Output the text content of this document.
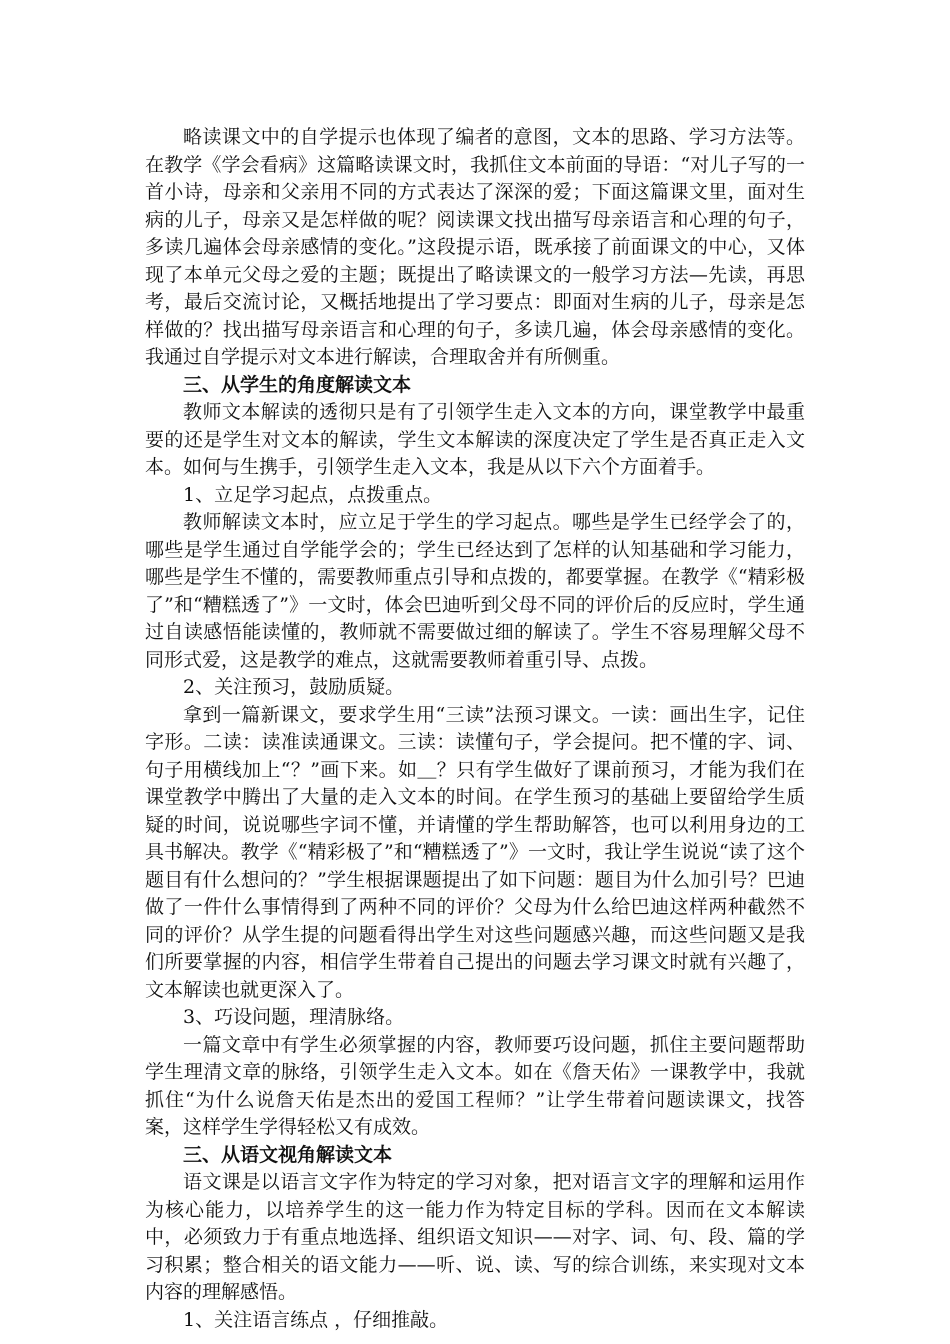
略读课文中的自学提示也体现了编者的意图，文本的思路、学习方法等。在教学《学会看病》这篇略读课文时，我抓住文本前面的导语：“对儿子写的一首小诗，母亲和父亲用不同的方式表达了深深的爱；下面这篇课文里，面对生病的儿子，母亲又是怎样做的呢？阅读课文找出描写母亲语言和心理的句子，多读几遍体会母亲感情的变化。”这段提示语，既承接了前面课文的中心，又体现了本单元父母之爱的主题；既提出了略读课文的一般学习方法—先读，再思考，最后交流讨论，又概括地提出了学习要点：即面对生病的儿子，母亲是怎样做的？找出描写母亲语言和心理的句子，多读几遍，体会母亲感情的变化。我通过自学提示对文本进行解读，合理取舍并有所侧重。

三、从学生的角度解读文本

教师文本解读的透彻只是有了引领学生走入文本的方向，课堂教学中最重要的还是学生对文本的解读，学生文本解读的深度决定了学生是否真正走入文本。如何与生携手，引领学生走入文本，我是从以下六个方面着手。

1、立足学习起点，点拨重点。

教师解读文本时，应立足于学生的学习起点。哪些是学生已经学会了的，哪些是学生通过自学能学会的；学生已经达到了怎样的认知基础和学习能力，哪些是学生不懂的，需要教师重点引导和点拨的，都要掌握。在教学《“精彩极了”和“糟糕透了”》一文时，体会巴迪听到父母不同的评价后的反应时，学生通过自读感悟能读懂的，教师就不需要做过细的解读了。学生不容易理解父母不同形式爱，这是教学的难点，这就需要教师着重引导、点拨。

2、关注预习，鼓励质疑。

拿到一篇新课文，要求学生用“三读”法预习课文。一读：画出生字，记住字形。二读：读准读通课文。三读：读懂句子，学会提问。把不懂的字、词、句子用横线加上“？”画下来。如＿？只有学生做好了课前预习，才能为我们在课堂教学中腾出了大量的走入文本的时间。在学生预习的基础上要留给学生质疑的时间，说说哪些字词不懂，并请懂的学生帮助解答，也可以利用身边的工具书解决。教学《“精彩极了”和“糟糕透了”》一文时，我让学生说说“读了这个题目有什么想问的？”学生根据课题提出了如下问题：题目为什么加引号？巴迪做了一件什么事情得到了两种不同的评价？父母为什么给巴迪这样两种截然不同的评价？从学生提的问题看得出学生对这些问题感兴趣，而这些问题又是我们所要掌握的内容，相信学生带着自己提出的问题去学习课文时就有兴趣了，文本解读也就更深入了。

3、巧设问题，理清脉络。

一篇文章中有学生必须掌握的内容，教师要巧设问题，抓住主要问题帮助学生理清文章的脉络，引领学生走入文本。如在《詹天佑》一课教学中，我就抓住“为什么说詹天佑是杰出的爱国工程师？”让学生带着问题读课文，找答案，这样学生学得轻松又有成效。

三、从语文视角解读文本

语文课是以语言文字作为特定的学习对象，把对语言文字的理解和运用作为核心能力，以培养学生的这一能力作为特定目标的学科。因而在文本解读中，必须致力于有重点地选择、组织语文知识——对字、词、句、段、篇的学习积累；整合相关的语文能力——听、说、读、写的综合训练，来实现对文本内容的理解感悟。

1、关注语言练点 ，仔细推敲。
